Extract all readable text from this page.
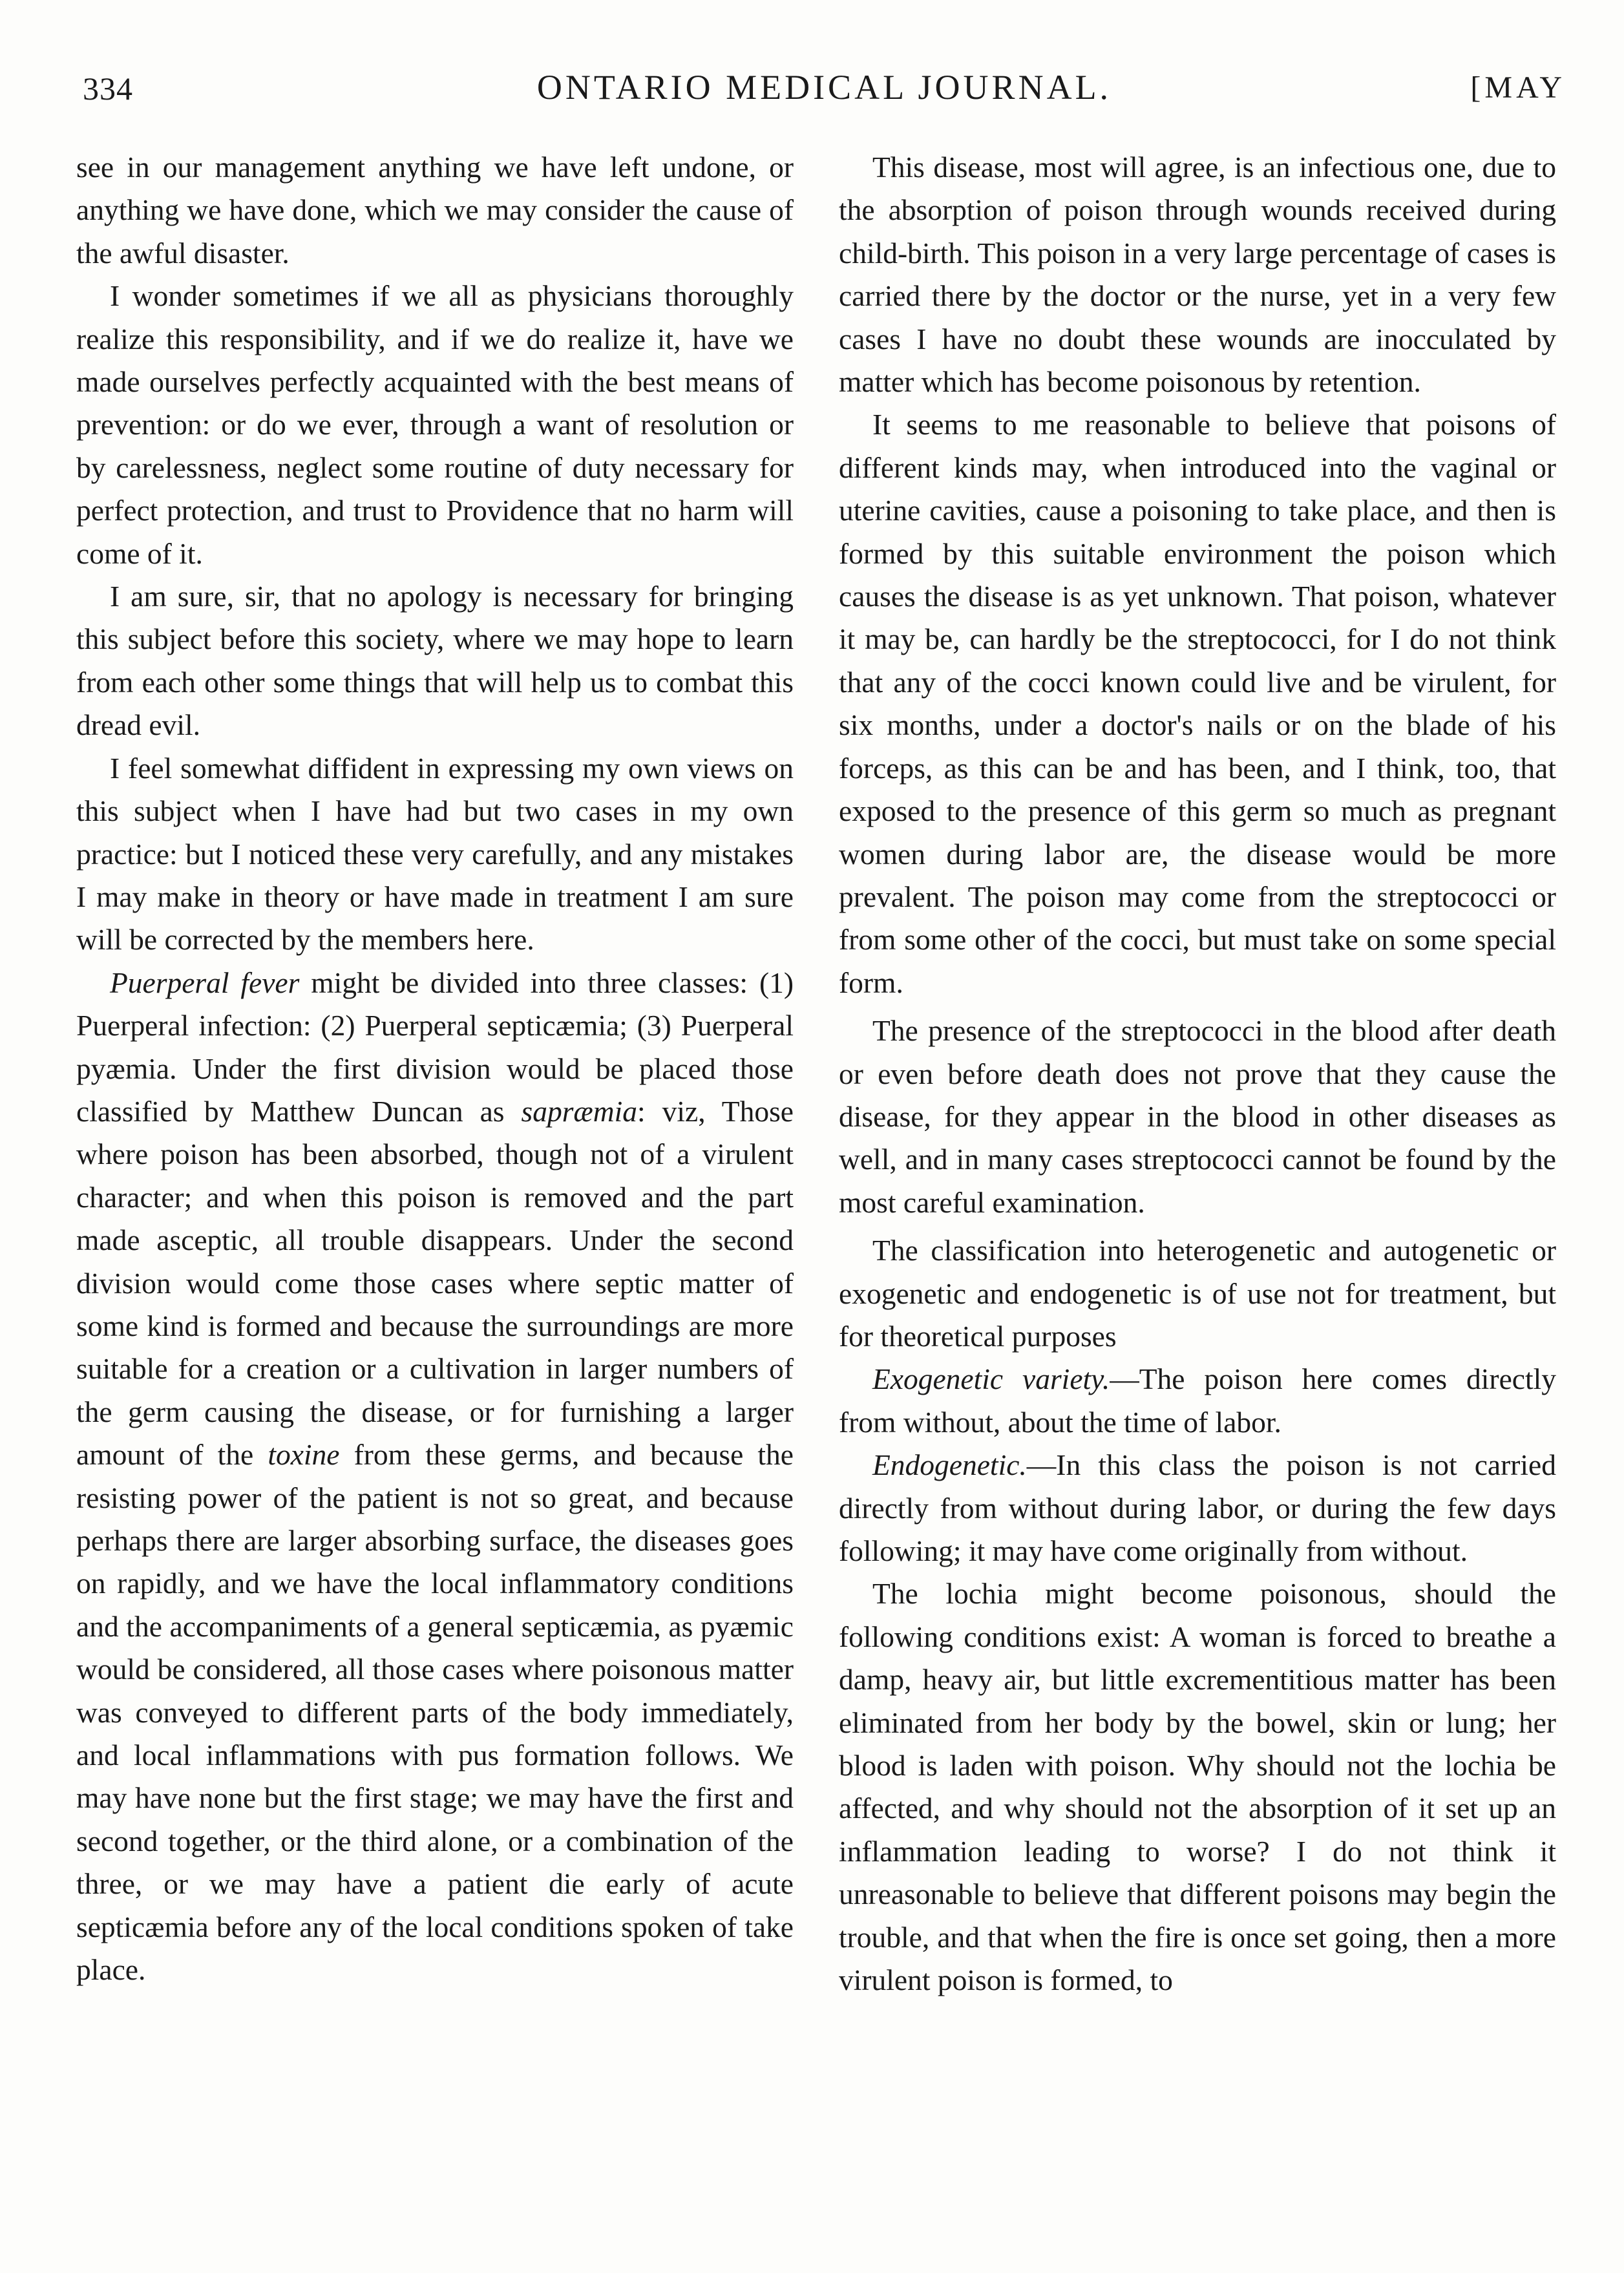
334	ONTARIO MEDICAL JOURNAL.	[MAY

see in our management anything we have left undone, or anything we have done, which we may consider the cause of the awful disaster.

I wonder sometimes if we all as physicians thoroughly realize this responsibility, and if we do realize it, have we made ourselves perfectly acquainted with the best means of prevention: or do we ever, through a want of resolution or by carelessness, neglect some routine of duty necessary for perfect protection, and trust to Providence that no harm will come of it.

I am sure, sir, that no apology is necessary for bringing this subject before this society, where we may hope to learn from each other some things that will help us to combat this dread evil.

I feel somewhat diffident in expressing my own views on this subject when I have had but two cases in my own practice: but I noticed these very carefully, and any mistakes I may make in theory or have made in treatment I am sure will be corrected by the members here.

Puerperal fever might be divided into three classes: (1) Puerperal infection: (2) Puerperal septicæmia; (3) Puerperal pyæmia. Under the first division would be placed those classified by Matthew Duncan as sapræmia: viz, Those where poison has been absorbed, though not of a virulent character; and when this poison is removed and the part made asceptic, all trouble disappears. Under the second division would come those cases where septic matter of some kind is formed and because the surroundings are more suitable for a creation or a cultivation in larger numbers of the germ causing the disease, or for furnishing a larger amount of the toxine from these germs, and because the resisting power of the patient is not so great, and because perhaps there are larger absorbing surface, the diseases goes on rapidly, and we have the local inflammatory conditions and the accompaniments of a general septicæmia, as pyæmic would be considered, all those cases where poisonous matter was conveyed to different parts of the body immediately, and local inflammations with pus formation follows. We may have none but the first stage; we may have the first and second together, or the third alone, or a combination of the three, or we may have a patient die early of acute septicæmia before any of the local conditions spoken of take place.

This disease, most will agree, is an infectious one, due to the absorption of poison through wounds received during child-birth. This poison in a very large percentage of cases is carried there by the doctor or the nurse, yet in a very few cases I have no doubt these wounds are inocculated by matter which has become poisonous by retention.

It seems to me reasonable to believe that poisons of different kinds may, when introduced into the vaginal or uterine cavities, cause a poisoning to take place, and then is formed by this suitable environment the poison which causes the disease is as yet unknown. That poison, whatever it may be, can hardly be the streptococci, for I do not think that any of the cocci known could live and be virulent, for six months, under a doctor's nails or on the blade of his forceps, as this can be and has been, and I think, too, that exposed to the presence of this germ so much as pregnant women during labor are, the disease would be more prevalent. The poison may come from the streptococci or from some other of the cocci, but must take on some special form.

The presence of the streptococci in the blood after death or even before death does not prove that they cause the disease, for they appear in the blood in other diseases as well, and in many cases streptococci cannot be found by the most careful examination.

The classification into heterogenetic and autogenetic or exogenetic and endogenetic is of use not for treatment, but for theoretical purposes

Exogenetic variety.—The poison here comes directly from without, about the time of labor.

Endogenetic.—In this class the poison is not carried directly from without during labor, or during the few days following; it may have come originally from without.

The lochia might become poisonous, should the following conditions exist: A woman is forced to breathe a damp, heavy air, but little excrementitious matter has been eliminated from her body by the bowel, skin or lung; her blood is laden with poison. Why should not the lochia be affected, and why should not the absorption of it set up an inflammation leading to worse? I do not think it unreasonable to believe that different poisons may begin the trouble, and that when the fire is once set going, then a more virulent poison is formed, to
